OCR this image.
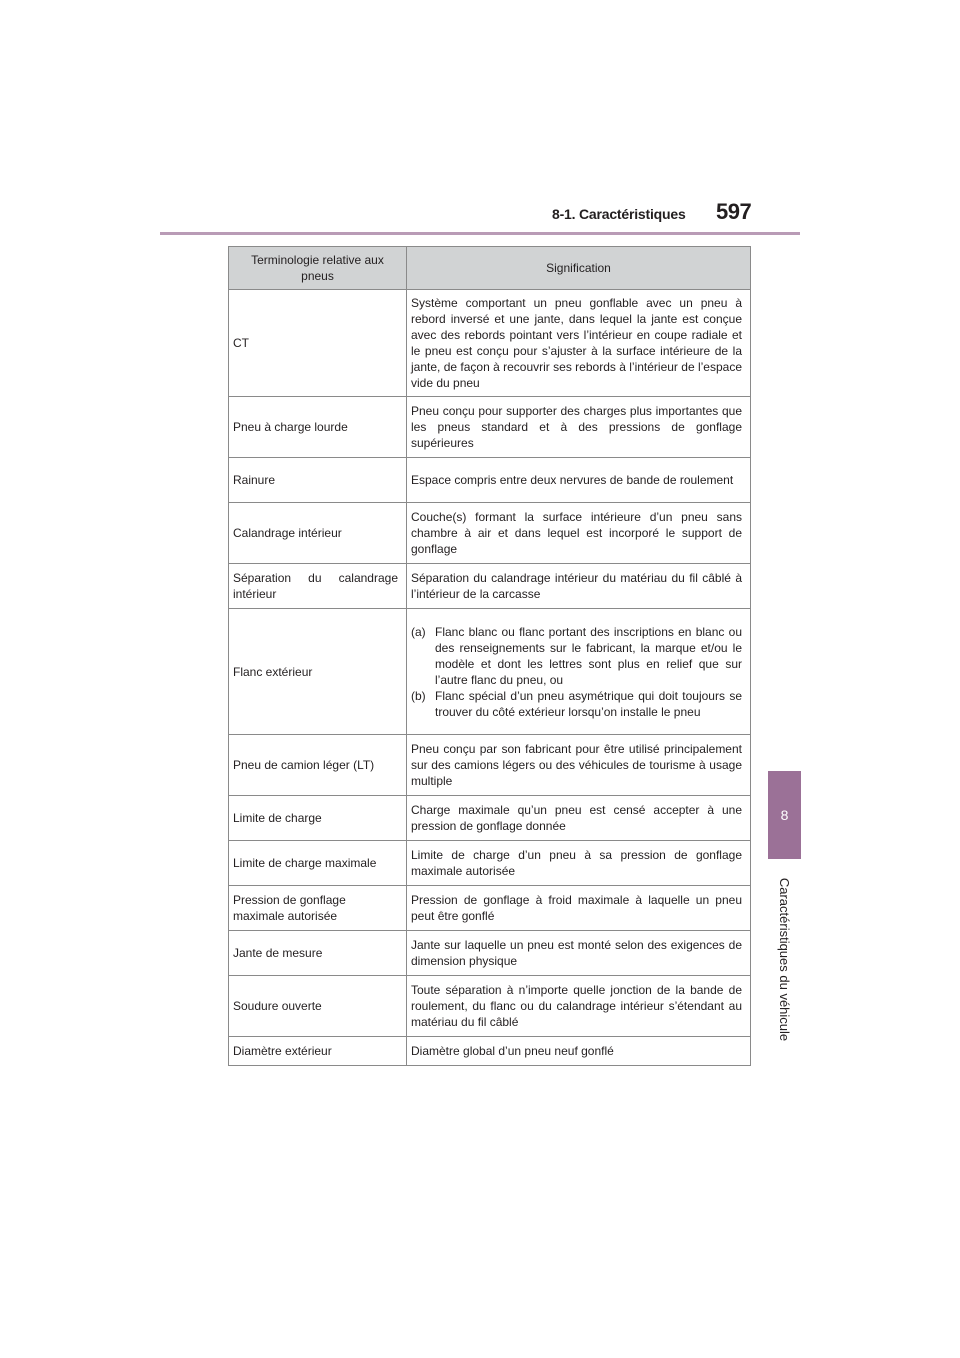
8-1. Caractéristiques 597
8
Caractéristiques du véhicule
Terminologie relative aux pneus	Signification
CT	Système comportant un pneu gonflable avec un pneu à rebord inversé et une jante, dans lequel la jante est conçue avec des rebords pointant vers l’intérieur en coupe radiale et le pneu est conçu pour s’ajuster à la surface intérieure de la jante, de façon à recouvrir ses rebords à l’intérieur de l’espace vide du pneu
Pneu à charge lourde	Pneu conçu pour supporter des charges plus importantes que les pneus standard et à des pressions de gonflage supérieures
Rainure	Espace compris entre deux nervures de bande de roulement
Calandrage intérieur	Couche(s) formant la surface intérieure d’un pneu sans chambre à air et dans lequel est incorporé le support de gonflage
Séparation du calandrage intérieur	Séparation du calandrage intérieur du matériau du fil câblé à l’intérieur de la carcasse
Flanc extérieur	(a) Flanc blanc ou flanc portant des inscriptions en blanc ou des renseignements sur le fabricant, la marque et/ou le modèle et dont les lettres sont plus en relief que sur l’autre flanc du pneu, ou
(b) Flanc spécial d’un pneu asymétrique qui doit toujours se trouver du côté extérieur lorsqu’on installe le pneu

Pneu de camion léger (LT)	Pneu conçu par son fabricant pour être utilisé principalement sur des camions légers ou des véhicules de tourisme à usage multiple
Limite de charge	Charge maximale qu’un pneu est censé accepter à une pression de gonflage donnée
Limite de charge maximale	Limite de charge d’un pneu à sa pression de gonflage maximale autorisée
Pression de gonflage maximale autorisée	Pression de gonflage à froid maximale à laquelle un pneu peut être gonflé
Jante de mesure	Jante sur laquelle un pneu est monté selon des exigences de dimension physique
Soudure ouverte	Toute séparation à n’importe quelle jonction de la bande de roulement, du flanc ou du calandrage intérieur s’étendant au matériau du fil câblé
Diamètre extérieur	Diamètre global d’un pneu neuf gonflé
